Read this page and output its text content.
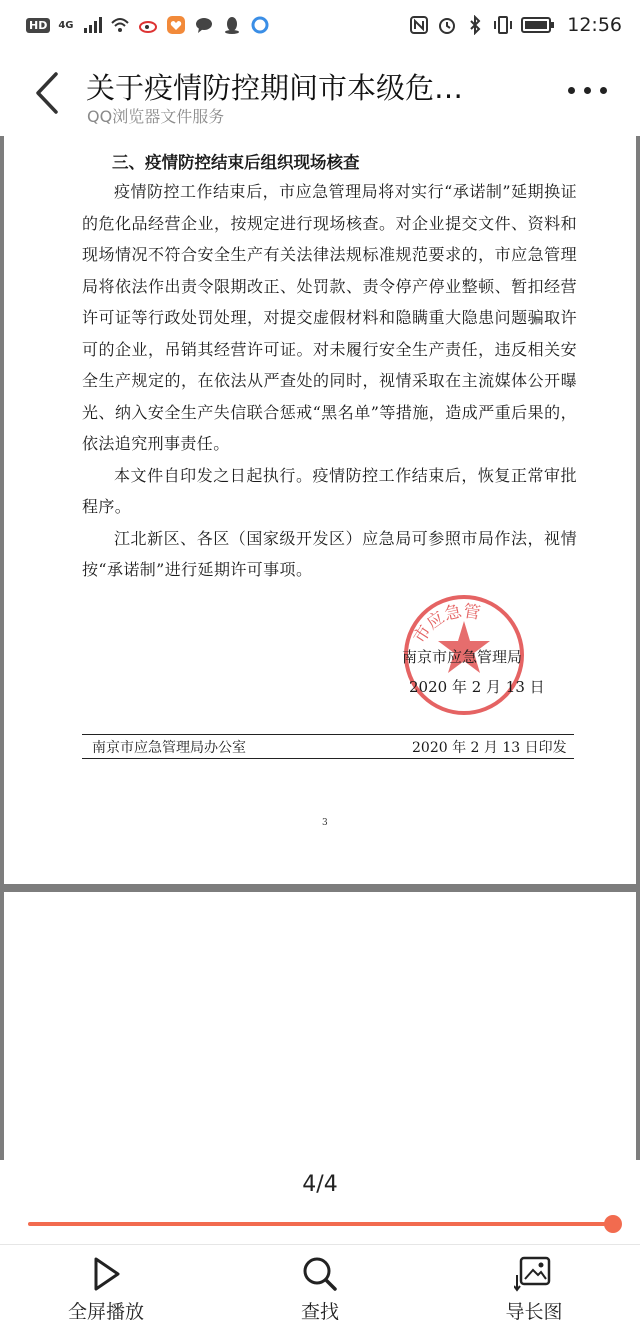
HD	4G	12:56
关于疫情防控期间市本级危…
QQ浏览器文件服务
三、疫情防控结束后组织现场核查

疫情防控工作结束后，市应急管理局将对实行“承诺制”延期换证的危化品经营企业，按规定进行现场核查。对企业提交文件、资料和现场情况不符合安全生产有关法律法规标准规范要求的，市应急管理局将依法作出责令限期改正、处罚款、责令停产停业整顿、暂扣经营许可证等行政处罚处理，对提交虚假材料和隐瞒重大隐患问题骗取许可的企业，吊销其经营许可证。对未履行安全生产责任，违反相关安全生产规定的，在依法从严查处的同时，视情采取在主流媒体公开曝光、纳入安全生产失信联合惩戒“黑名单”等措施，造成严重后果的，依法追究刑事责任。

本文件自印发之日起执行。疫情防控工作结束后，恢复正常审批程序。

江北新区、各区（国家级开发区）应急局可参照市局作法，视情按“承诺制”进行延期许可事项。

市应急管
南京市应急管理局
2020 年 2 月 13 日
南京市应急管理局办公室	2020 年 2 月 13 日印发
3
4/4
全屏播放	查找	导长图
